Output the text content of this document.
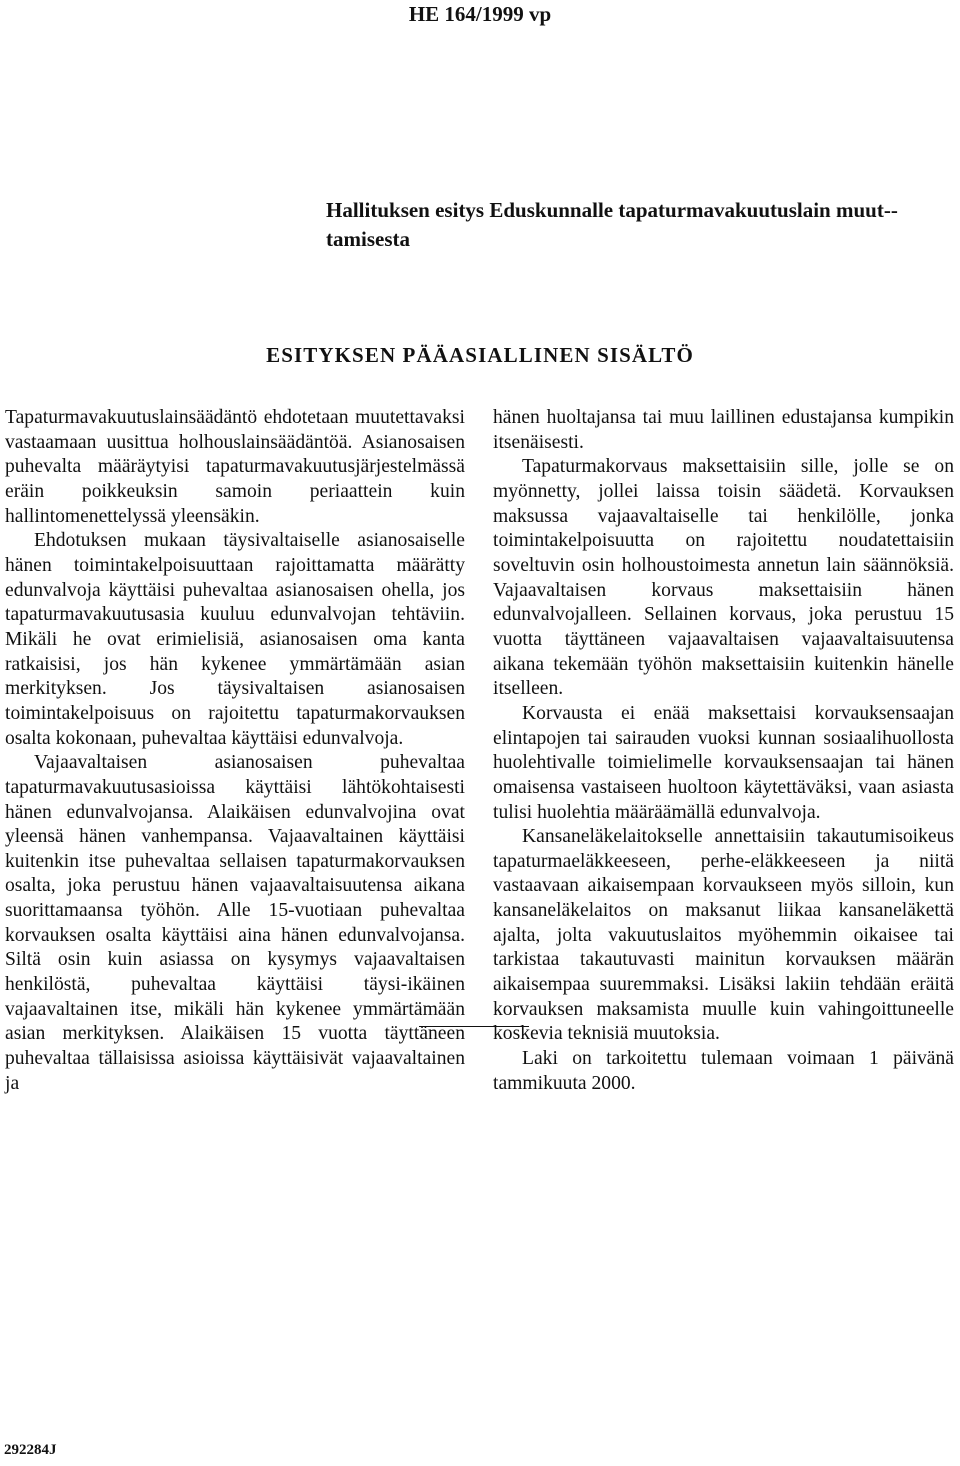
HE 164/1999 vp
Hallituksen esitys Eduskunnalle tapaturmavakuutuslain muut-tamisesta
ESITYKSEN PÄÄASIALLINEN SISÄLTÖ

Tapaturmavakuutuslainsäädäntö ehdotetaan muutettavaksi vastaamaan uusittua holhouslainsäädäntöä. Asianosaisen puhevalta määräytyisi tapaturmavakuutusjärjestelmässä eräin poikkeuksin samoin periaattein kuin hallintomenettelyssä yleensäkin.

Ehdotuksen mukaan täysivaltaiselle asianosaiselle hänen toimintakelpoisuuttaan rajoittamatta määrätty edunvalvoja käyttäisi puhevaltaa asianosaisen ohella, jos tapaturmavakuutusasia kuuluu edunvalvojan tehtäviin. Mikäli he ovat erimielisiä, asianosaisen oma kanta ratkaisisi, jos hän kykenee ymmärtämään asian merkityksen. Jos täysivaltaisen asianosaisen toimintakelpoisuus on rajoitettu tapaturmakorvauksen osalta kokonaan, puhevaltaa käyttäisi edunvalvoja.

Vajaavaltaisen asianosaisen puhevaltaa tapaturmavakuutusasioissa käyttäisi lähtökohtaisesti hänen edunvalvojansa. Alaikäisen edunvalvojina ovat yleensä hänen vanhempansa. Vajaavaltainen käyttäisi kuitenkin itse puhevaltaa sellaisen tapaturmakorvauksen osalta, joka perustuu hänen vajaavaltaisuutensa aikana suorittamaansa työhön. Alle 15-vuotiaan puhevaltaa korvauksen osalta käyttäisi aina hänen edunvalvojansa. Siltä osin kuin asiassa on kysymys vajaavaltaisen henkilöstä, puhevaltaa käyttäisi täysi-ikäinen vajaavaltainen itse, mikäli hän kykenee ymmärtämään asian merkityksen. Alaikäisen 15 vuotta täyttäneen puhevaltaa tällaisissa asioissa käyttäisivät vajaavaltainen ja

hänen huoltajansa tai muu laillinen edustajansa kumpikin itsenäisesti.

Tapaturmakorvaus maksettaisiin sille, jolle se on myönnetty, jollei laissa toisin säädetä. Korvauksen maksussa vajaavaltaiselle tai henkilölle, jonka toimintakelpoisuutta on rajoitettu noudatettaisiin soveltuvin osin holhoustoimesta annetun lain säännöksiä. Vajaavaltaisen korvaus maksettaisiin hänen edunvalvojalleen. Sellainen korvaus, joka perustuu 15 vuotta täyttäneen vajaavaltaisen vajaavaltaisuutensa aikana tekemään työhön maksettaisiin kuitenkin hänelle itselleen.

Korvausta ei enää maksettaisi korvauksensaajan elintapojen tai sairauden vuoksi kunnan sosiaalihuollosta huolehtivalle toimielimelle korvauksensaajan tai hänen omaisensa vastaiseen huoltoon käytettäväksi, vaan asiasta tulisi huolehtia määräämällä edunvalvoja.

Kansaneläkelaitokselle annettaisiin takautumisoikeus tapaturmaeläkkeeseen, perhe-eläkkeeseen ja niitä vastaavaan aikaisempaan korvaukseen myös silloin, kun kansaneläkelaitos on maksanut liikaa kansaneläkettä ajalta, jolta vakuutuslaitos myöhemmin oikaisee tai tarkistaa takautuvasti mainitun korvauksen määrän aikaisempaa suuremmaksi. Lisäksi lakiin tehdään eräitä korvauksen maksamista muulle kuin vahingoittuneelle koskevia teknisiä muutoksia.

Laki on tarkoitettu tulemaan voimaan 1 päivänä tammikuuta 2000.

292284J
